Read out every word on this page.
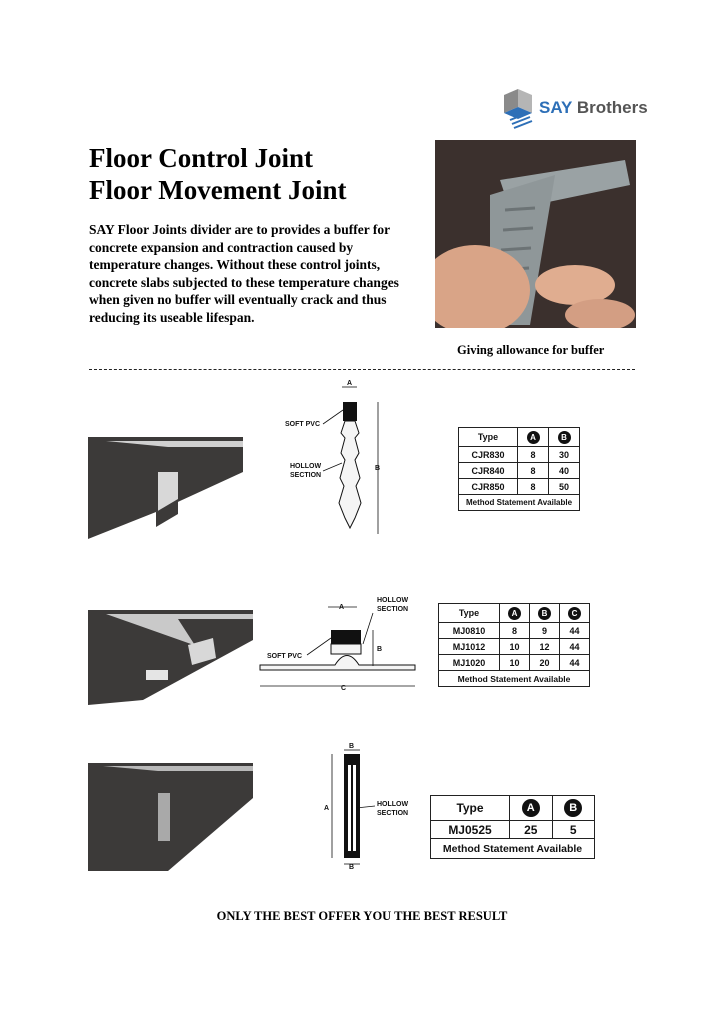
SAY Brothers
Floor Control Joint
Floor Movement Joint
SAY Floor Joints divider are to provides a buffer for concrete expansion and contraction caused by temperature changes. Without these control joints, concrete slabs subjected to these temperature changes when given no buffer will eventually crack and thus reducing its useable lifespan.
Giving allowance for buffer
A
B
SOFT PVC
HOLLOW
SECTION
Type	A	B
CJR830	8	30
CJR840	8	40
CJR850	8	50
Method Statement Available		
A
HOLLOW
SECTION
SOFT PVC
B
C
Type	A	B	C
MJ0810	8	9	44
MJ1012	10	12	44
MJ1020	10	20	44
Method Statement Available			
B
A
HOLLOW
SECTION
B
Type	A	B
MJ0525	25	5
Method Statement Available		
ONLY THE BEST OFFER YOU THE BEST RESULT
